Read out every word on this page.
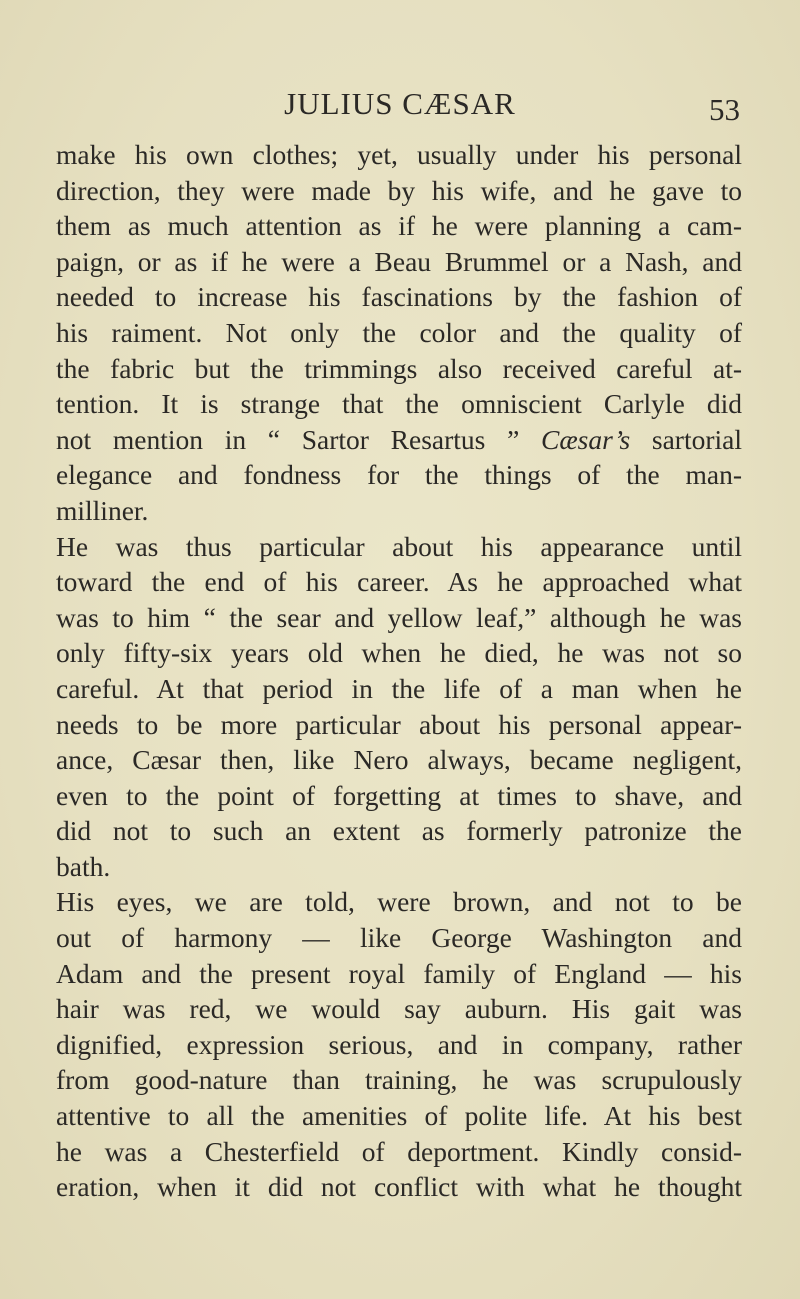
JULIUS CÆSAR	53
make his own clothes; yet, usually under his personal
direction, they were made by his wife, and he gave to
them as much attention as if he were planning a cam-
paign, or as if he were a Beau Brummel or a Nash, and
needed to increase his fascinations by the fashion of
his raiment. Not only the color and the quality of
the fabric but the trimmings also received careful at-
tention. It is strange that the omniscient Carlyle did
not mention in “ Sartor Resartus ” Cæsar’s sartorial
elegance and fondness for the things of the man-
milliner.
He was thus particular about his appearance until
toward the end of his career. As he approached what
was to him “ the sear and yellow leaf,” although he was
only fifty-six years old when he died, he was not so
careful. At that period in the life of a man when he
needs to be more particular about his personal appear-
ance, Cæsar then, like Nero always, became negligent,
even to the point of forgetting at times to shave, and
did not to such an extent as formerly patronize the
bath.
His eyes, we are told, were brown, and not to be
out of harmony — like George Washington and
Adam and the present royal family of England — his
hair was red, we would say auburn. His gait was
dignified, expression serious, and in company, rather
from good-nature than training, he was scrupulously
attentive to all the amenities of polite life. At his best
he was a Chesterfield of deportment. Kindly consid-
eration, when it did not conflict with what he thought
